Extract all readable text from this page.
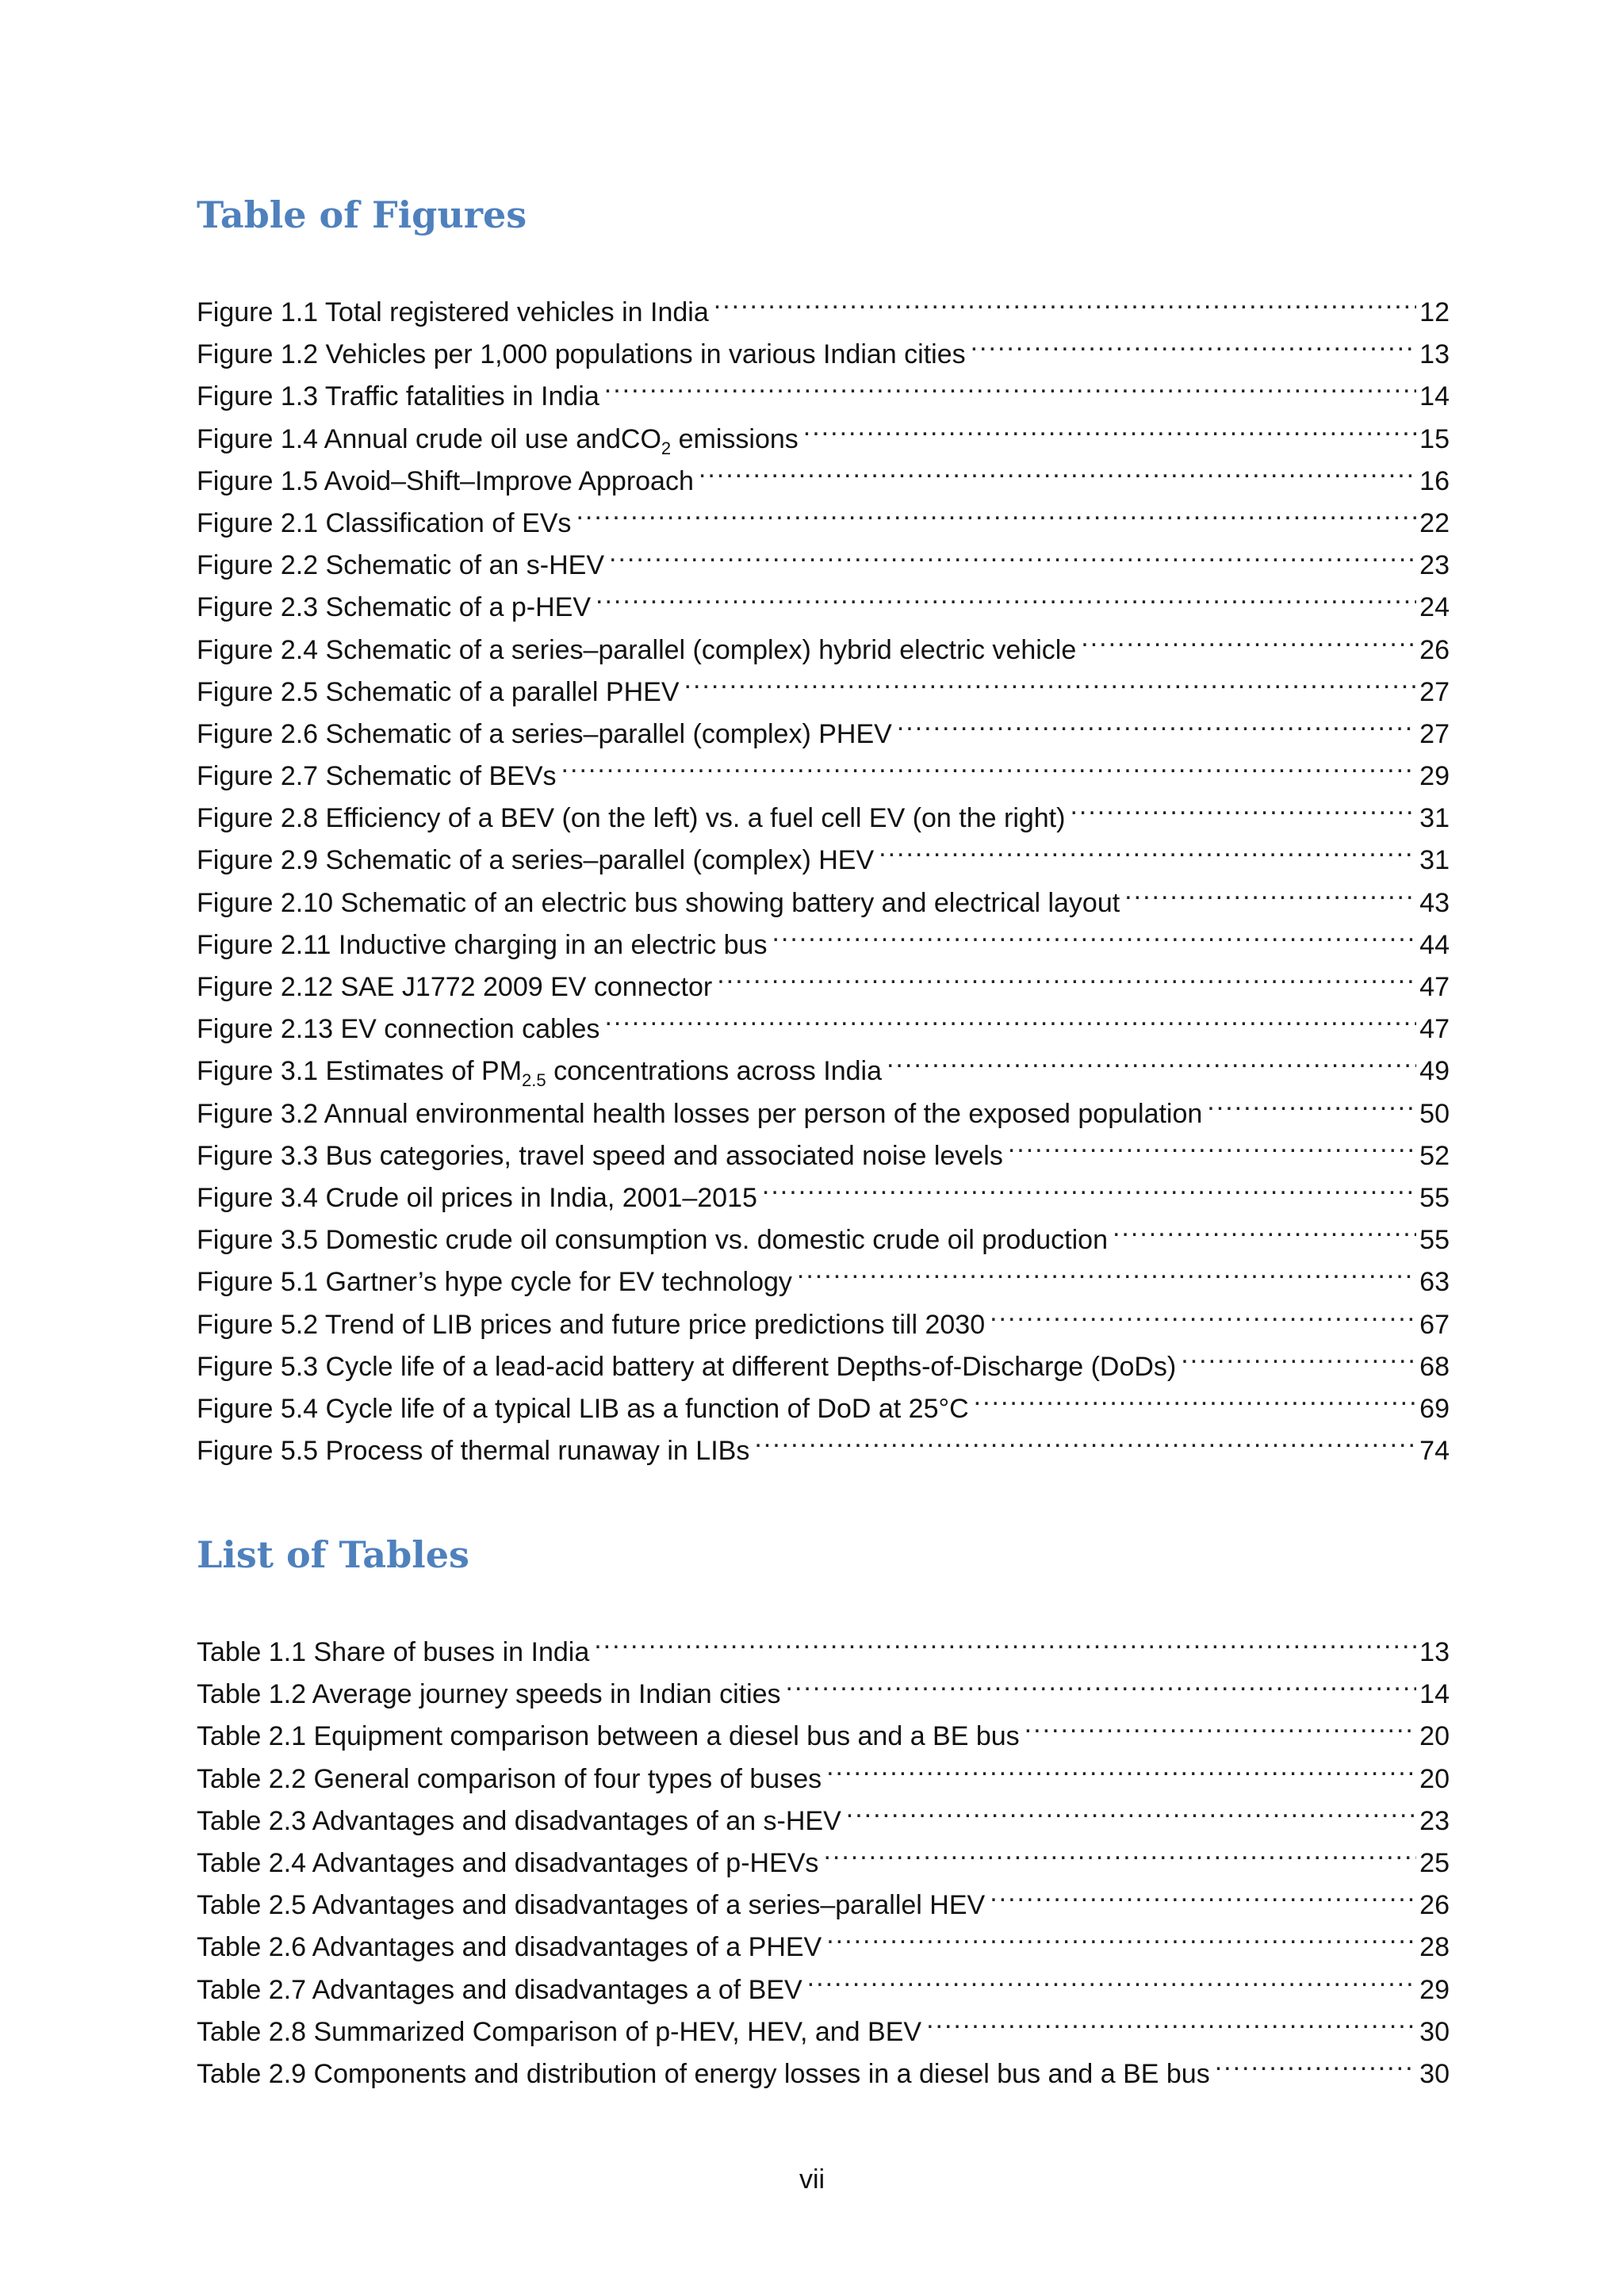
Table of Figures
Figure 1.1 Total registered vehicles in India .....	12
Figure 1.2 Vehicles per 1,000 populations in various Indian cities .....	13
Figure 1.3 Traffic fatalities in India .....	14
Figure 1.4 Annual crude oil use andCO$_2$ emissions .....	15
Figure 1.5 Avoid–Shift–Improve Approach .....	16
Figure 2.1 Classification of EVs .....	22
Figure 2.2 Schematic of an s-HEV .....	23
Figure 2.3 Schematic of a p-HEV .....	24
Figure 2.4 Schematic of a series–parallel (complex) hybrid electric vehicle .....	26
Figure 2.5 Schematic of a parallel PHEV .....	27
Figure 2.6 Schematic of a series–parallel (complex) PHEV .....	27
Figure 2.7 Schematic of BEVs .....	29
Figure 2.8 Efficiency of a BEV (on the left) vs. a fuel cell EV (on the right) .....	31
Figure 2.9 Schematic of a series–parallel (complex) HEV .....	31
Figure 2.10 Schematic of an electric bus showing battery and electrical layout .....	43
Figure 2.11 Inductive charging in an electric bus .....	44
Figure 2.12 SAE J1772 2009 EV connector .....	47
Figure 2.13 EV connection cables .....	47
Figure 3.1 Estimates of $PM_{2.5}$ concentrations across India .....	49
Figure 3.2 Annual environmental health losses per person of the exposed population .....	50
Figure 3.3 Bus categories, travel speed and associated noise levels .....	52
Figure 3.4 Crude oil prices in India, 2001–2015 .....	55
Figure 3.5 Domestic crude oil consumption vs. domestic crude oil production .....	55
Figure 5.1 Gartner’s hype cycle for EV technology .....	63
Figure 5.2 Trend of LIB prices and future price predictions till 2030 .....	67
Figure 5.3 Cycle life of a lead-acid battery at different Depths-of-Discharge (DoDs) .....	68
Figure 5.4 Cycle life of a typical LIB as a function of DoD at 25°C .....	69
Figure 5.5 Process of thermal runaway in LIBs .....	74
List of Tables
Table 1.1 Share of buses in India .....	13
Table 1.2 Average journey speeds in Indian cities .....	14
Table 2.1 Equipment comparison between a diesel bus and a BE bus .....	20
Table 2.2 General comparison of four types of buses .....	20
Table 2.3 Advantages and disadvantages of an s-HEV .....	23
Table 2.4 Advantages and disadvantages of p-HEVs .....	25
Table 2.5 Advantages and disadvantages of a series–parallel HEV .....	26
Table 2.6 Advantages and disadvantages of a PHEV .....	28
Table 2.7 Advantages and disadvantages a of BEV .....	29
Table 2.8 Summarized Comparison of p-HEV, HEV, and BEV .....	30
Table 2.9 Components and distribution of energy losses in a diesel bus and a BE bus .....	30
vii
